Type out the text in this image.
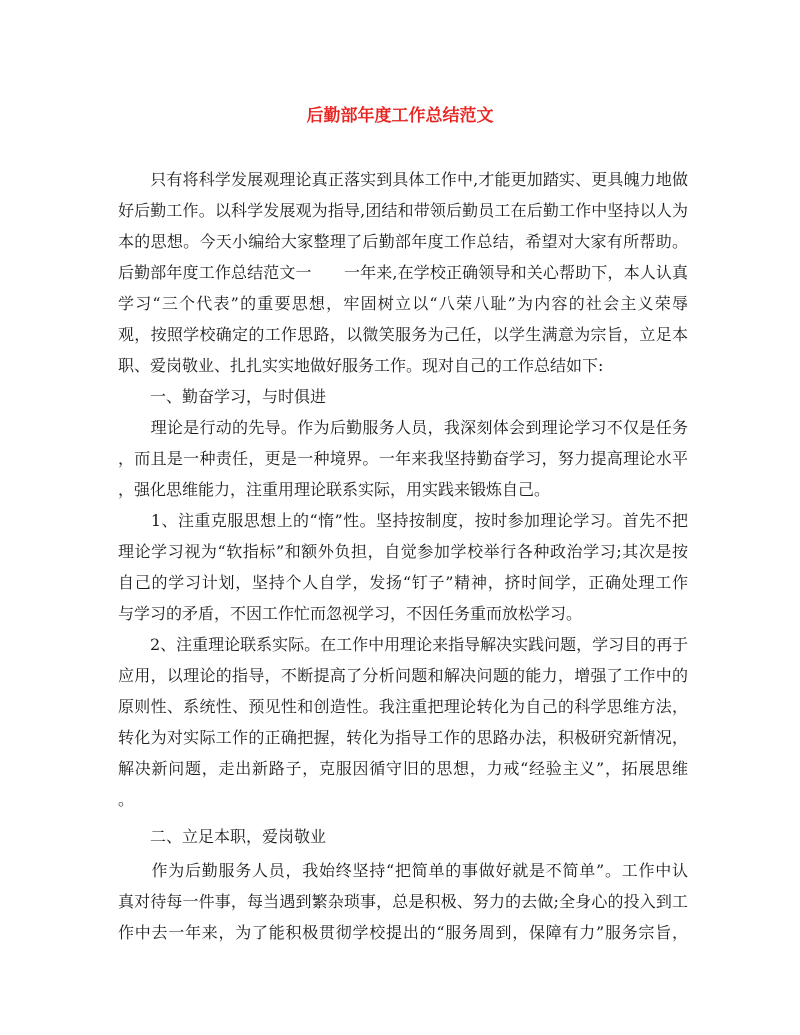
后勤部年度工作总结范文

　　只有将科学发展观理论真正落实到具体工作中,才能更加踏实、更具魄力地做

好后勤工作。以科学发展观为指导,团结和带领后勤员工在后勤工作中坚持以人为

本的思想。今天小编给大家整理了后勤部年度工作总结，希望对大家有所帮助。

后勤部年度工作总结范文一　　一年来,在学校正确领导和关心帮助下，本人认真

学习“三个代表”的重要思想，牢固树立以“八荣八耻”为内容的社会主义荣辱

观，按照学校确定的工作思路，以微笑服务为己任，以学生满意为宗旨，立足本

职、爱岗敬业、扎扎实实地做好服务工作。现对自己的工作总结如下:

　　一、勤奋学习，与时俱进

　　理论是行动的先导。作为后勤服务人员，我深刻体会到理论学习不仅是任务

，而且是一种责任，更是一种境界。一年来我坚持勤奋学习，努力提高理论水平

，强化思维能力，注重用理论联系实际，用实践来锻炼自己。

　　1、注重克服思想上的“惰”性。坚持按制度，按时参加理论学习。首先不把

理论学习视为“软指标”和额外负担，自觉参加学校举行各种政治学习;其次是按

自己的学习计划，坚持个人自学，发扬“钉子”精神，挤时间学，正确处理工作

与学习的矛盾，不因工作忙而忽视学习，不因任务重而放松学习。

　　2、注重理论联系实际。在工作中用理论来指导解决实践问题，学习目的再于

应用，以理论的指导，不断提高了分析问题和解决问题的能力，增强了工作中的

原则性、系统性、预见性和创造性。我注重把理论转化为自己的科学思维方法，

转化为对实际工作的正确把握，转化为指导工作的思路办法，积极研究新情况，

解决新问题，走出新路子，克服因循守旧的思想，力戒“经验主义”，拓展思维

。

　　二、立足本职，爱岗敬业

　　作为后勤服务人员，我始终坚持“把简单的事做好就是不简单”。工作中认

真对待每一件事，每当遇到繁杂琐事，总是积极、努力的去做;全身心的投入到工

作中去一年来，为了能积极贯彻学校提出的“服务周到，保障有力”服务宗旨，
